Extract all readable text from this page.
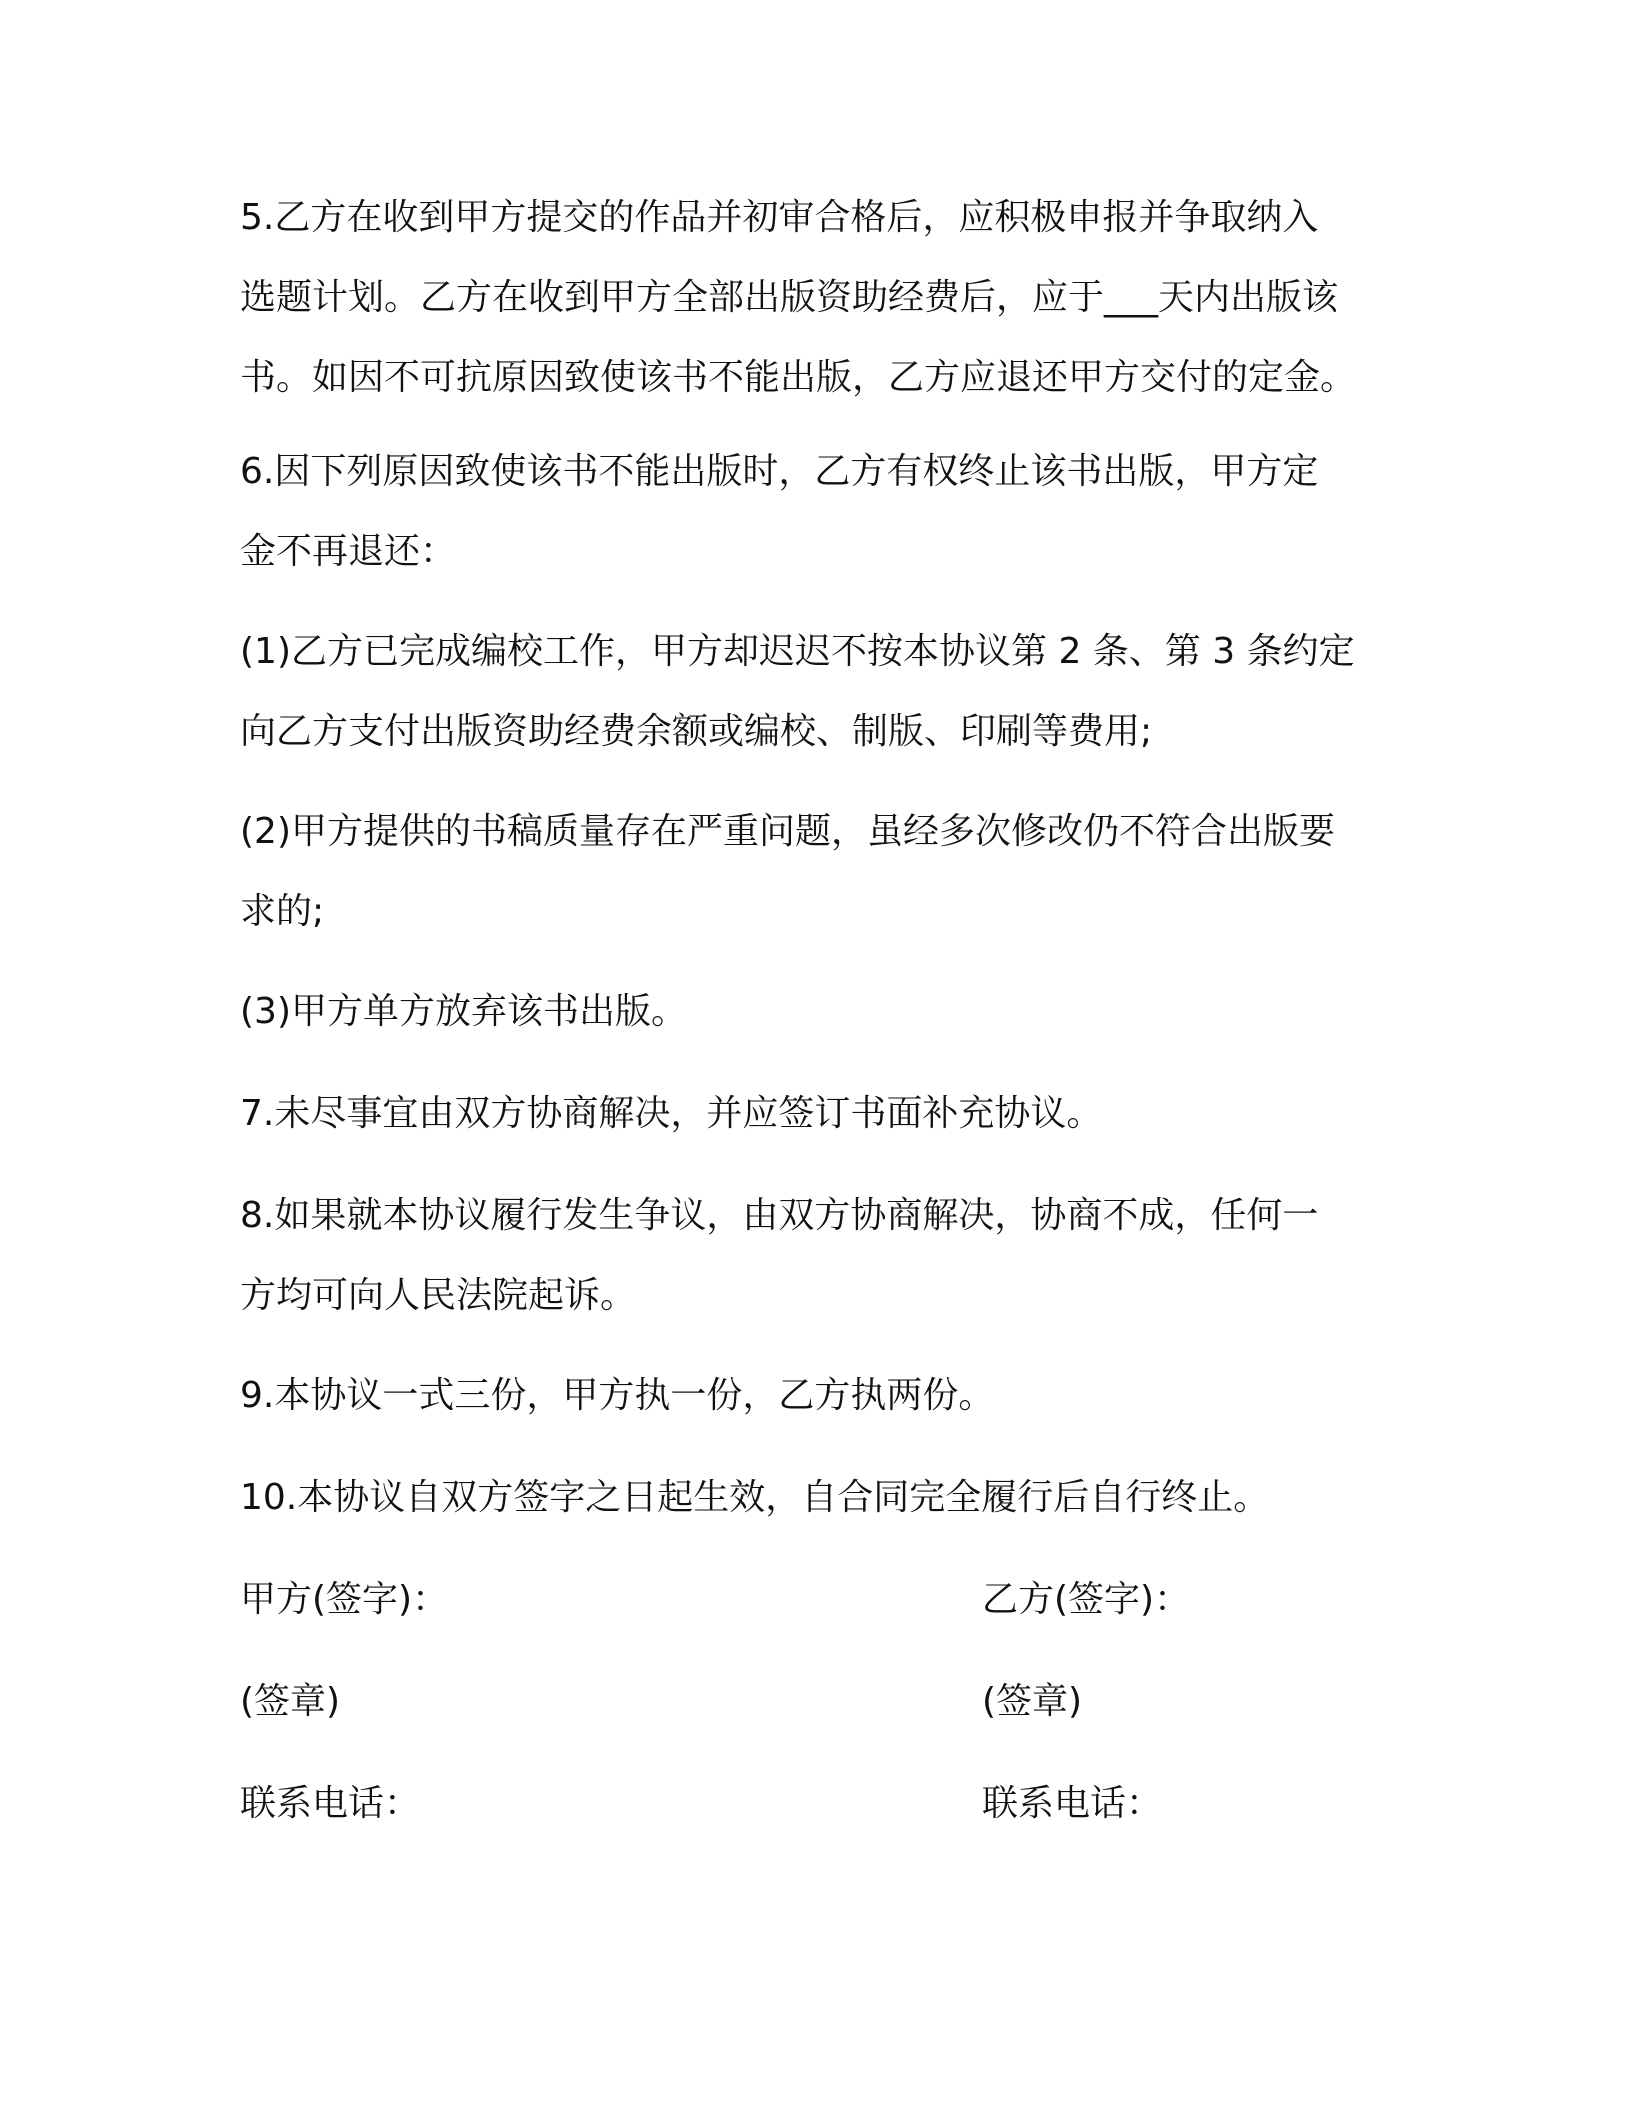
5.乙方在收到甲方提交的作品并初审合格后，应积极申报并争取纳入
选题计划。乙方在收到甲方全部出版资助经费后，应于___天内出版该
书。如因不可抗原因致使该书不能出版，乙方应退还甲方交付的定金。
6.因下列原因致使该书不能出版时，乙方有权终止该书出版，甲方定
金不再退还：
(1)乙方已完成编校工作，甲方却迟迟不按本协议第 2 条、第 3 条约定
向乙方支付出版资助经费余额或编校、制版、印刷等费用;
(2)甲方提供的书稿质量存在严重问题，虽经多次修改仍不符合出版要
求的;
(3)甲方单方放弃该书出版。
7.未尽事宜由双方协商解决，并应签订书面补充协议。
8.如果就本协议履行发生争议，由双方协商解决，协商不成，任何一
方均可向人民法院起诉。
9.本协议一式三份，甲方执一份，乙方执两份。
10.本协议自双方签字之日起生效，自合同完全履行后自行终止。
甲方(签字)：	乙方(签字)：
(签章)	(签章)
联系电话：	联系电话：
